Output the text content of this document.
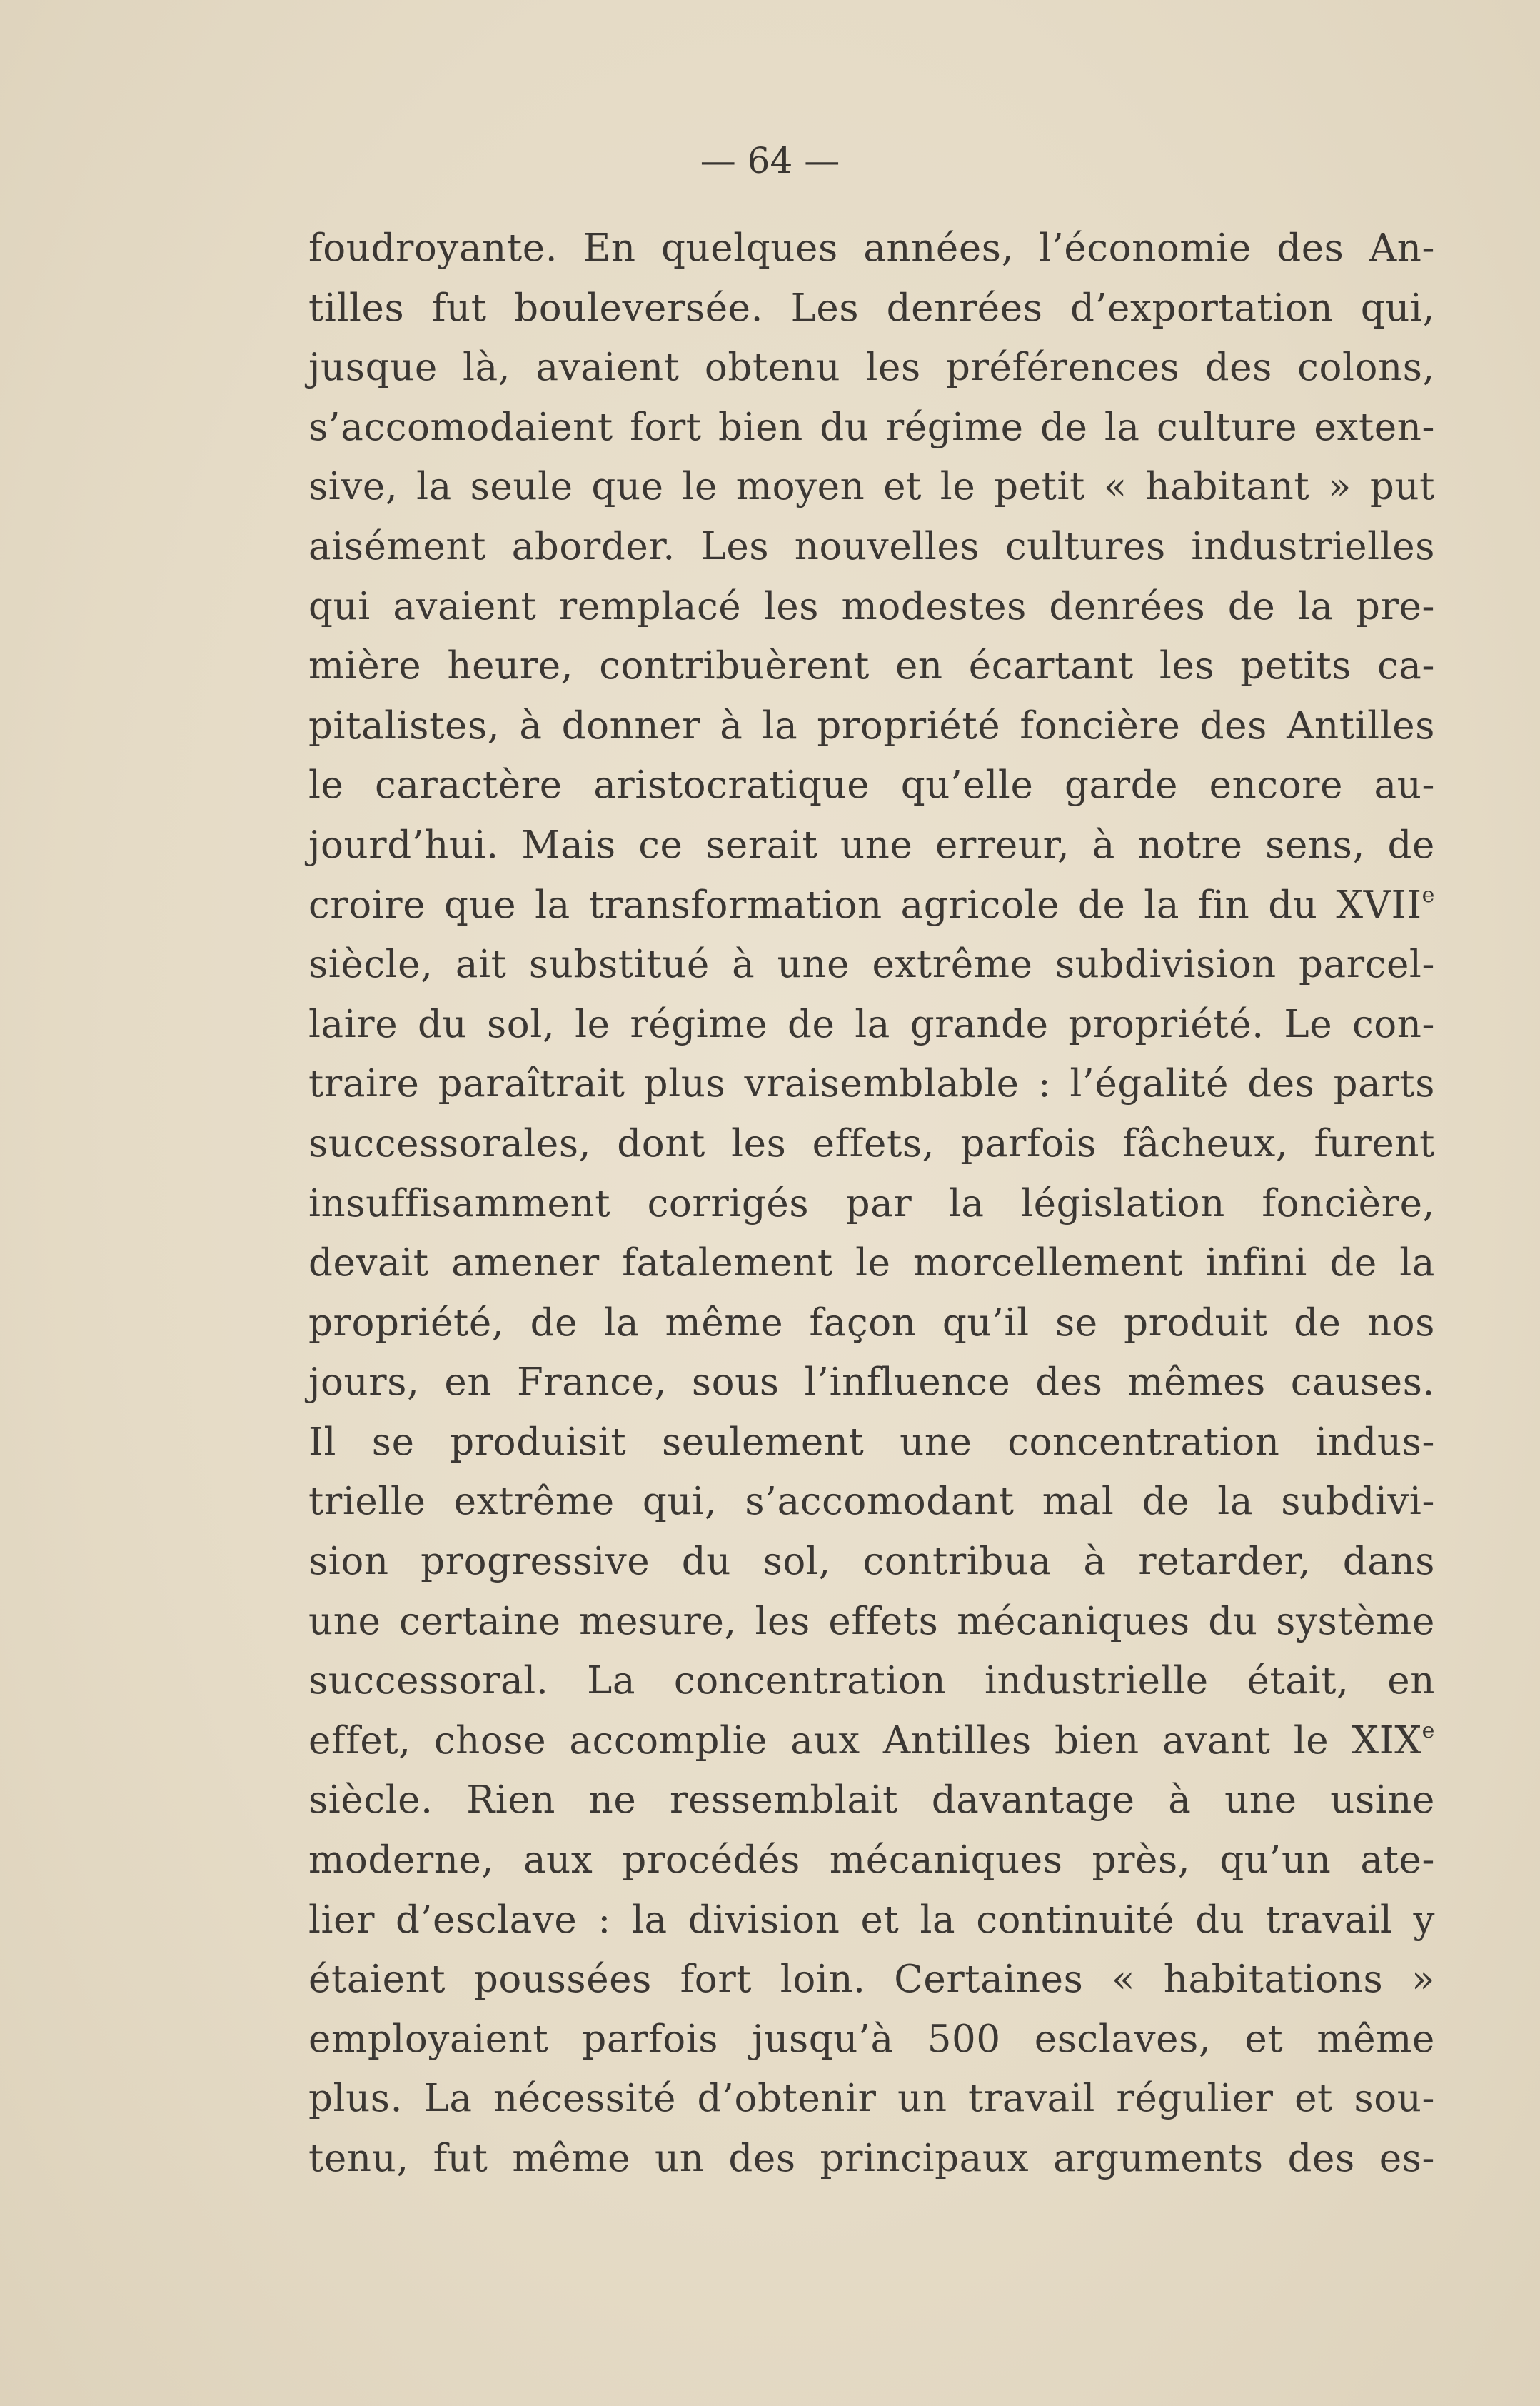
— 64 —
foudroyante. En quelques années, l’économie des An-
tilles fut bouleversée. Les denrées d’exportation qui,
jusque là, avaient obtenu les préférences des colons,
s’accomodaient fort bien du régime de la culture exten-
sive, la seule que le moyen et le petit « habitant » put
aisément aborder. Les nouvelles cultures industrielles
qui avaient remplacé les modestes denrées de la pre-
mière heure, contribuèrent en écartant les petits ca-
pitalistes, à donner à la propriété foncière des Antilles
le caractère aristocratique qu’elle garde encore au-
jourd’hui. Mais ce serait une erreur, à notre sens, de
croire que la transformation agricole de la fin du XVIIe
siècle, ait substitué à une extrême subdivision parcel-
laire du sol, le régime de la grande propriété. Le con-
traire paraîtrait plus vraisemblable : l’égalité des parts
successorales, dont les effets, parfois fâcheux, furent
insuffisamment corrigés par la législation foncière,
devait amener fatalement le morcellement infini de la
propriété, de la même façon qu’il se produit de nos
jours, en France, sous l’influence des mêmes causes.
Il se produisit seulement une concentration indus-
trielle extrême qui, s’accomodant mal de la subdivi-
sion progressive du sol, contribua à retarder, dans
une certaine mesure, les effets mécaniques du système
successoral. La concentration industrielle était, en
effet, chose accomplie aux Antilles bien avant le XIXe
siècle. Rien ne ressemblait davantage à une usine
moderne, aux procédés mécaniques près, qu’un ate-
lier d’esclave : la division et la continuité du travail y
étaient poussées fort loin. Certaines « habitations »
employaient parfois jusqu’à 500 esclaves, et même
plus. La nécessité d’obtenir un travail régulier et sou-
tenu, fut même un des principaux arguments des es-
